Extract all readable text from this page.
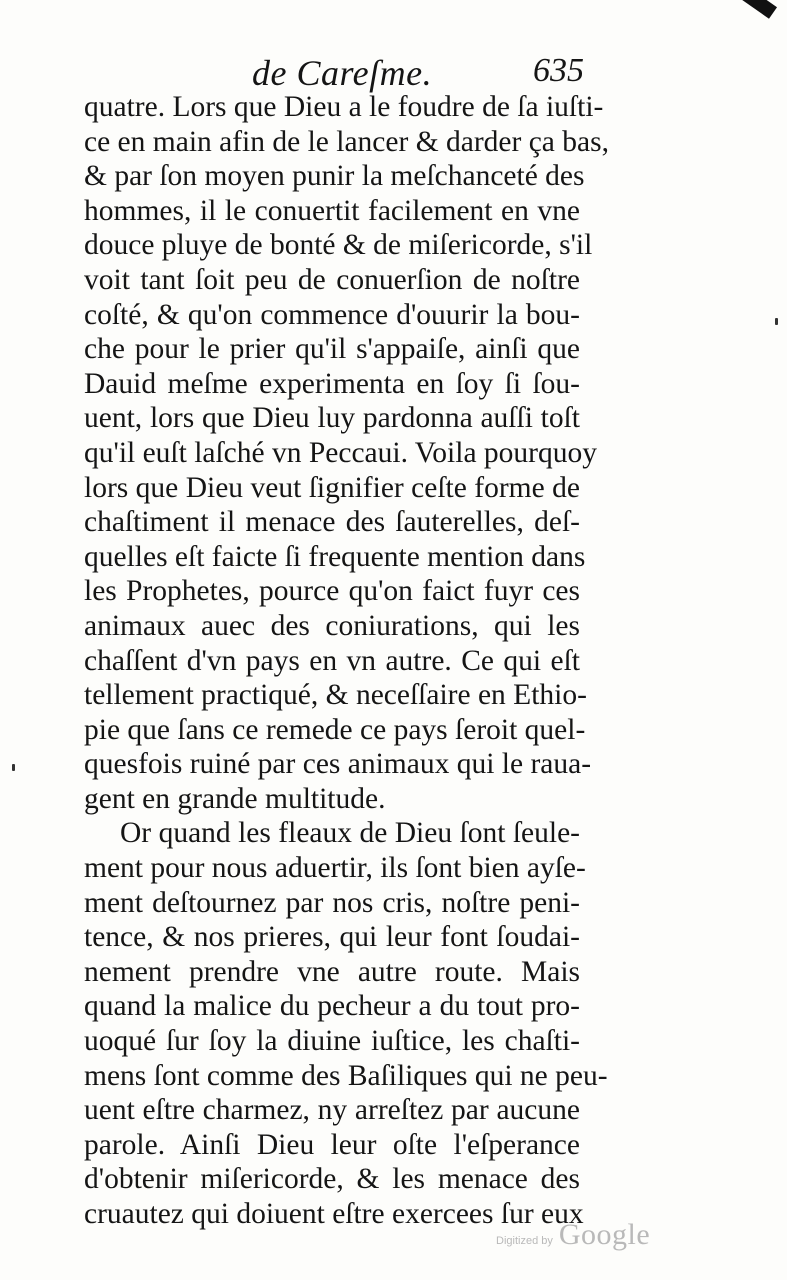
de Careſme.	635
quatre. Lors que Dieu a le foudre de ſa iuſti-
ce en main afin de le lancer & darder ça bas,
& par ſon moyen punir la meſchanceté des
hommes, il le conuertit facilement en vne
douce pluye de bonté & de miſericorde, s'il
voit tant ſoit peu de conuerſion de noſtre
coſté, & qu'on commence d'ouurir la bou-
che pour le prier qu'il s'appaiſe, ainſi que
Dauid meſme experimenta en ſoy ſi ſou-
uent, lors que Dieu luy pardonna auſſi toſt
qu'il euſt laſché vn Peccaui. Voila pourquoy
lors que Dieu veut ſignifier ceſte forme de
chaſtiment il menace des ſauterelles, deſ-
quelles eſt faicte ſi frequente mention dans
les Prophetes, pource qu'on faict fuyr ces
animaux auec des coniurations, qui les
chaſſent d'vn pays en vn autre. Ce qui eſt
tellement practiqué, & neceſſaire en Ethio-
pie que ſans ce remede ce pays ſeroit quel-
quesfois ruiné par ces animaux qui le raua-
gent en grande multitude.
Or quand les fleaux de Dieu ſont ſeule-
ment pour nous aduertir, ils ſont bien ayſe-
ment deſtournez par nos cris, noſtre peni-
tence, & nos prieres, qui leur font ſoudai-
nement prendre vne autre route. Mais
quand la malice du pecheur a du tout pro-
uoqué ſur ſoy la diuine iuſtice, les chaſti-
mens ſont comme des Baſiliques qui ne peu-
uent eſtre charmez, ny arreſtez par aucune
parole. Ainſi Dieu leur oſte l'eſperance
d'obtenir miſericorde, & les menace des
cruautez qui doiuent eſtre exercees ſur eux
Digitized by Google
